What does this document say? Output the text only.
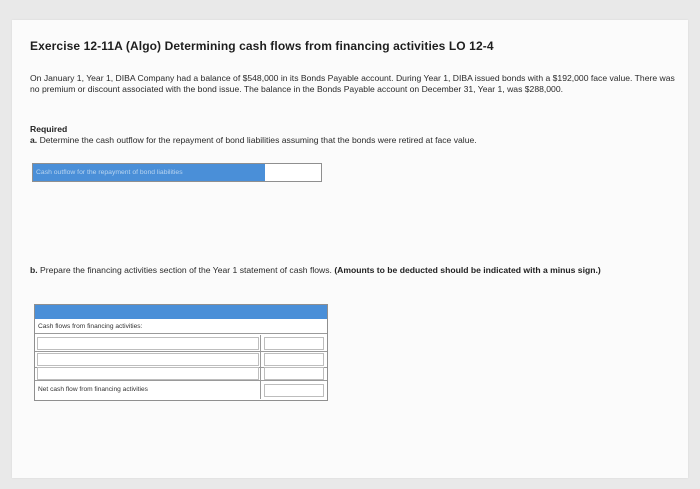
Exercise 12-11A (Algo) Determining cash flows from financing activities LO 12-4
On January 1, Year 1, DIBA Company had a balance of $548,000 in its Bonds Payable account. During Year 1, DIBA issued bonds with a $192,000 face value. There was no premium or discount associated with the bond issue. The balance in the Bonds Payable account on December 31, Year 1, was $288,000.
Required
a. Determine the cash outflow for the repayment of bond liabilities assuming that the bonds were retired at face value.
Cash outflow for the repayment of bond liabilities
b. Prepare the financing activities section of the Year 1 statement of cash flows. (Amounts to be deducted should be indicated with a minus sign.)
Cash flows from financing activities:
Net cash flow from financing activities
